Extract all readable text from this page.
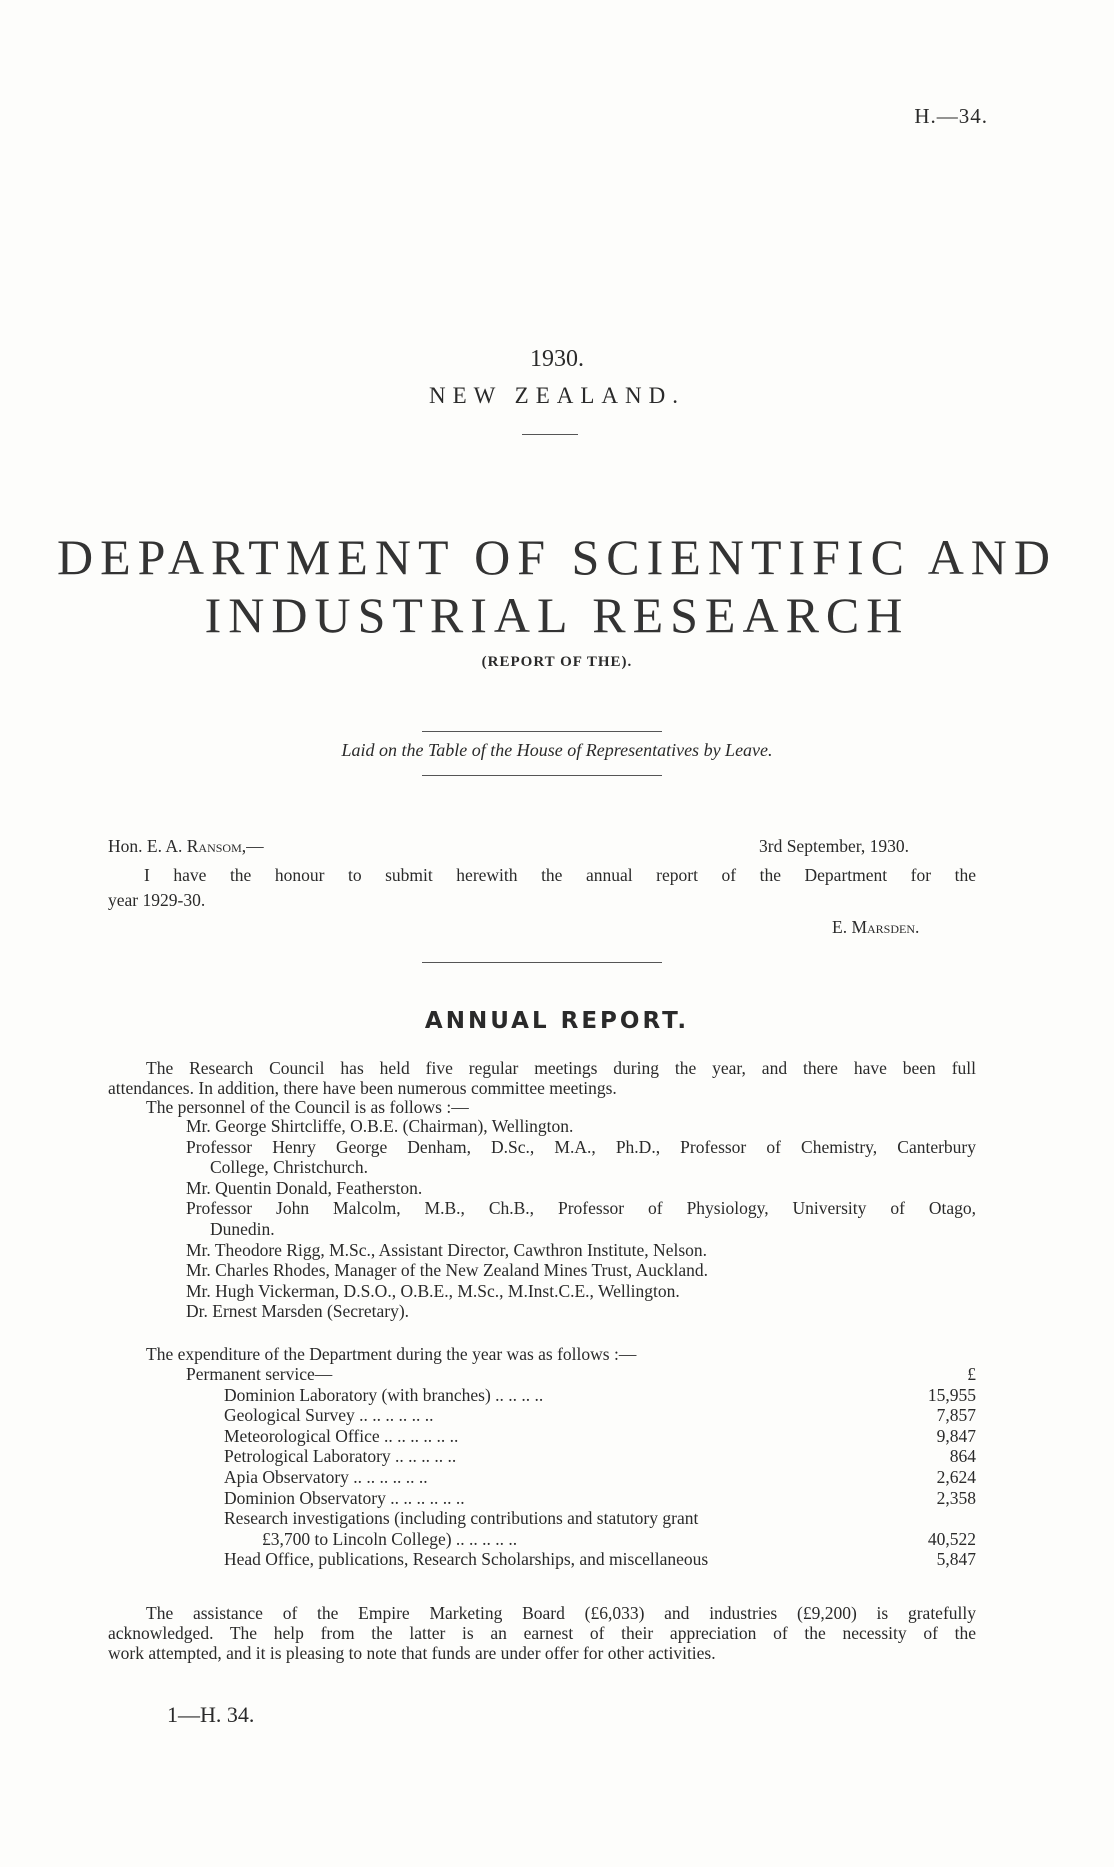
H.—34.
1930.
NEW ZEALAND.
DEPARTMENT OF SCIENTIFIC AND
INDUSTRIAL RESEARCH
(REPORT OF THE).
Laid on the Table of the House of Representatives by Leave.
Hon. E. A. Ransom,—	3rd September, 1930.
I have the honour to submit herewith the annual report of the Department for the
year 1929-30.
E. Marsden.
ANNUAL REPORT.
The Research Council has held five regular meetings during the year, and there have been full
attendances. In addition, there have been numerous committee meetings.
The personnel of the Council is as follows :—
Mr. George Shirtcliffe, O.B.E. (Chairman), Wellington.
Professor Henry George Denham, D.Sc., M.A., Ph.D., Professor of Chemistry, Canterbury
College, Christchurch.
Mr. Quentin Donald, Featherston.
Professor John Malcolm, M.B., Ch.B., Professor of Physiology, University of Otago,
Dunedin.
Mr. Theodore Rigg, M.Sc., Assistant Director, Cawthron Institute, Nelson.
Mr. Charles Rhodes, Manager of the New Zealand Mines Trust, Auckland.
Mr. Hugh Vickerman, D.S.O., O.B.E., M.Sc., M.Inst.C.E., Wellington.
Dr. Ernest Marsden (Secretary).
The expenditure of the Department during the year was as follows :—
Permanent service—	£
Dominion Laboratory (with branches) .. .. .. ..	15,955
Geological Survey .. .. .. .. .. ..	7,857
Meteorological Office .. .. .. .. .. ..	9,847
Petrological Laboratory .. .. .. .. ..	864
Apia Observatory .. .. .. .. .. ..	2,624
Dominion Observatory .. .. .. .. .. ..	2,358
Research investigations (including contributions and statutory grant
£3,700 to Lincoln College) .. .. .. .. ..	40,522
Head Office, publications, Research Scholarships, and miscellaneous	5,847
The assistance of the Empire Marketing Board (£6,033) and industries (£9,200) is gratefully
acknowledged. The help from the latter is an earnest of their appreciation of the necessity of the
work attempted, and it is pleasing to note that funds are under offer for other activities.
1—H. 34.
